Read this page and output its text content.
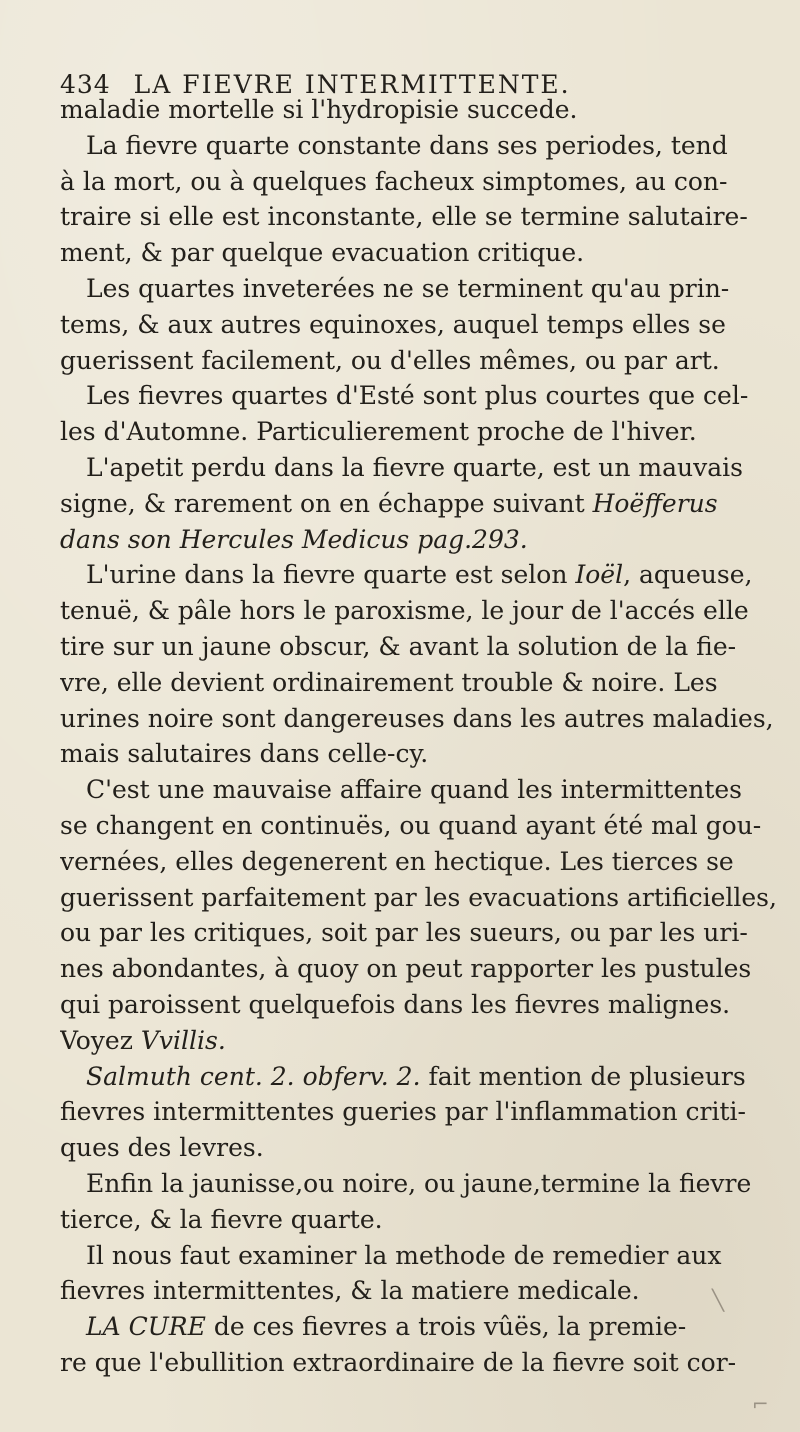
434 LA FIEVRE INTERMITTENTE.
maladie mortelle si l'hydropisie succede.
La fievre quarte constante dans ses periodes, tend
à la mort, ou à quelques facheux simptomes, au con-
traire si elle est inconstante, elle se termine salutaire-
ment, & par quelque evacuation critique.
Les quartes inveterées ne se terminent qu'au prin-
tems, & aux autres equinoxes, auquel temps elles se
guerissent facilement, ou d'elles mêmes, ou par art.
Les fievres quartes d'Esté sont plus courtes que cel-
les d'Automne. Particulierement proche de l'hiver.
L'apetit perdu dans la fievre quarte, est un mauvais
signe, & rarement on en échappe suivant Hoëfferus
dans son Hercules Medicus pag.293.
L'urine dans la fievre quarte est selon Ioël, aqueuse,
tenuë, & pâle hors le paroxisme, le jour de l'accés elle
tire sur un jaune obscur, & avant la solution de la fie-
vre, elle devient ordinairement trouble & noire. Les
urines noire sont dangereuses dans les autres maladies,
mais salutaires dans celle-cy.
C'est une mauvaise affaire quand les intermittentes
se changent en continuës, ou quand ayant été mal gou-
vernées, elles degenerent en hectique. Les tierces se
guerissent parfaitement par les evacuations artificielles,
ou par les critiques, soit par les sueurs, ou par les uri-
nes abondantes, à quoy on peut rapporter les pustules
qui paroissent quelquefois dans les fievres malignes.
Voyez Vvillis.
Salmuth cent. 2. obferv. 2. fait mention de plusieurs
fievres intermittentes gueries par l'inflammation criti-
ques des levres.
Enfin la jaunisse,ou noire, ou jaune,termine la fievre
tierce, & la fievre quarte.
Il nous faut examiner la methode de remedier aux
fievres intermittentes, & la matiere medicale.
LA CURE de ces fievres a trois vûës, la premie-
re que l'ebullition extraordinaire de la fievre soit cor-
╲
⌐
